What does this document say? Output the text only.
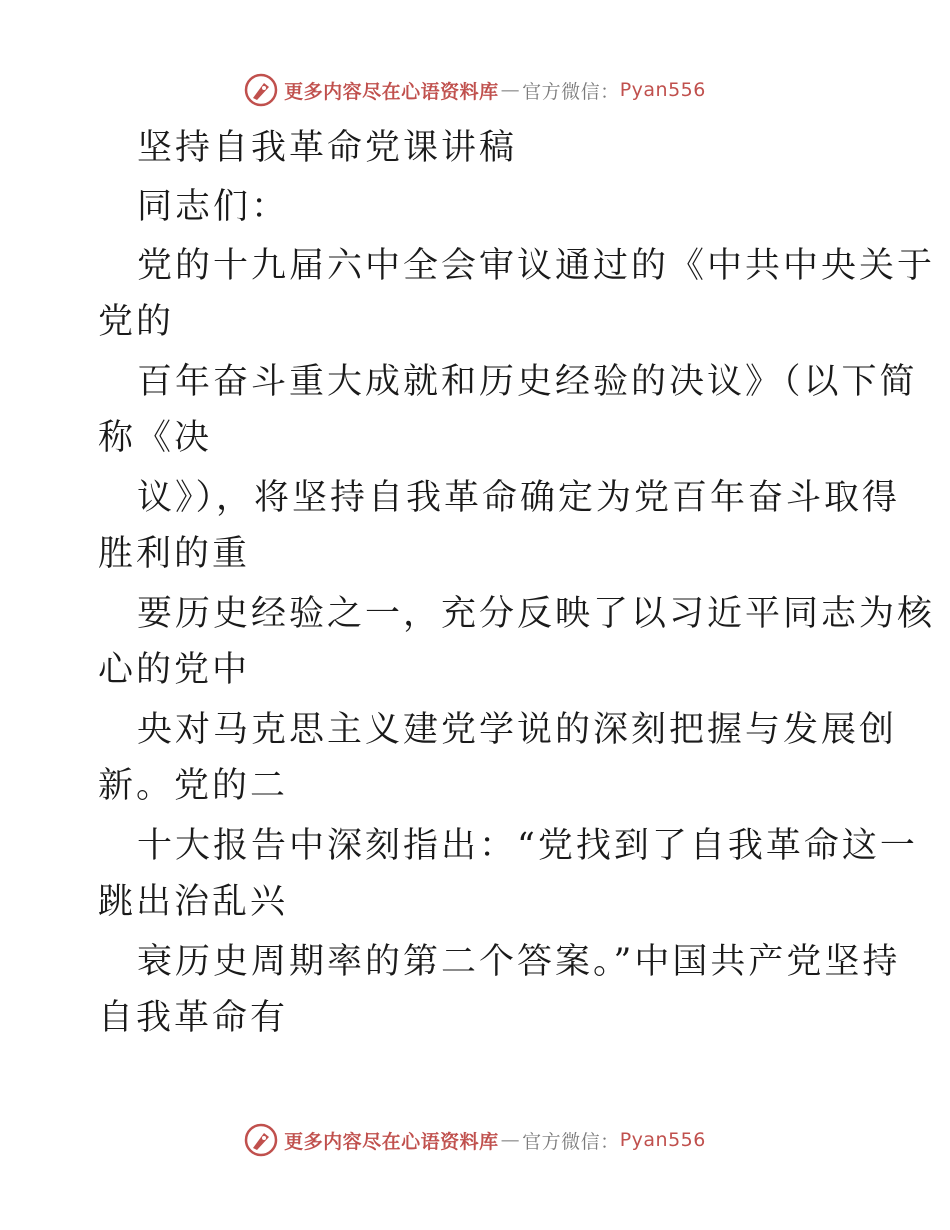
更多内容尽在心语资料库 — 官方微信： Pyan556
坚持自我革命党课讲稿
同志们：
党的十九届六中全会审议通过的《中共中央关于
党的
百年奋斗重大成就和历史经验的决议》（以下简
称《决
议》），将坚持自我革命确定为党百年奋斗取得
胜利的重
要历史经验之一，充分反映了以习近平同志为核
心的党中
央对马克思主义建党学说的深刻把握与发展创
新。党的二
十大报告中深刻指出：“党找到了自我革命这一
跳出治乱兴
衰历史周期率的第二个答案。”中国共产党坚持
自我革命有
更多内容尽在心语资料库 — 官方微信： Pyan556
